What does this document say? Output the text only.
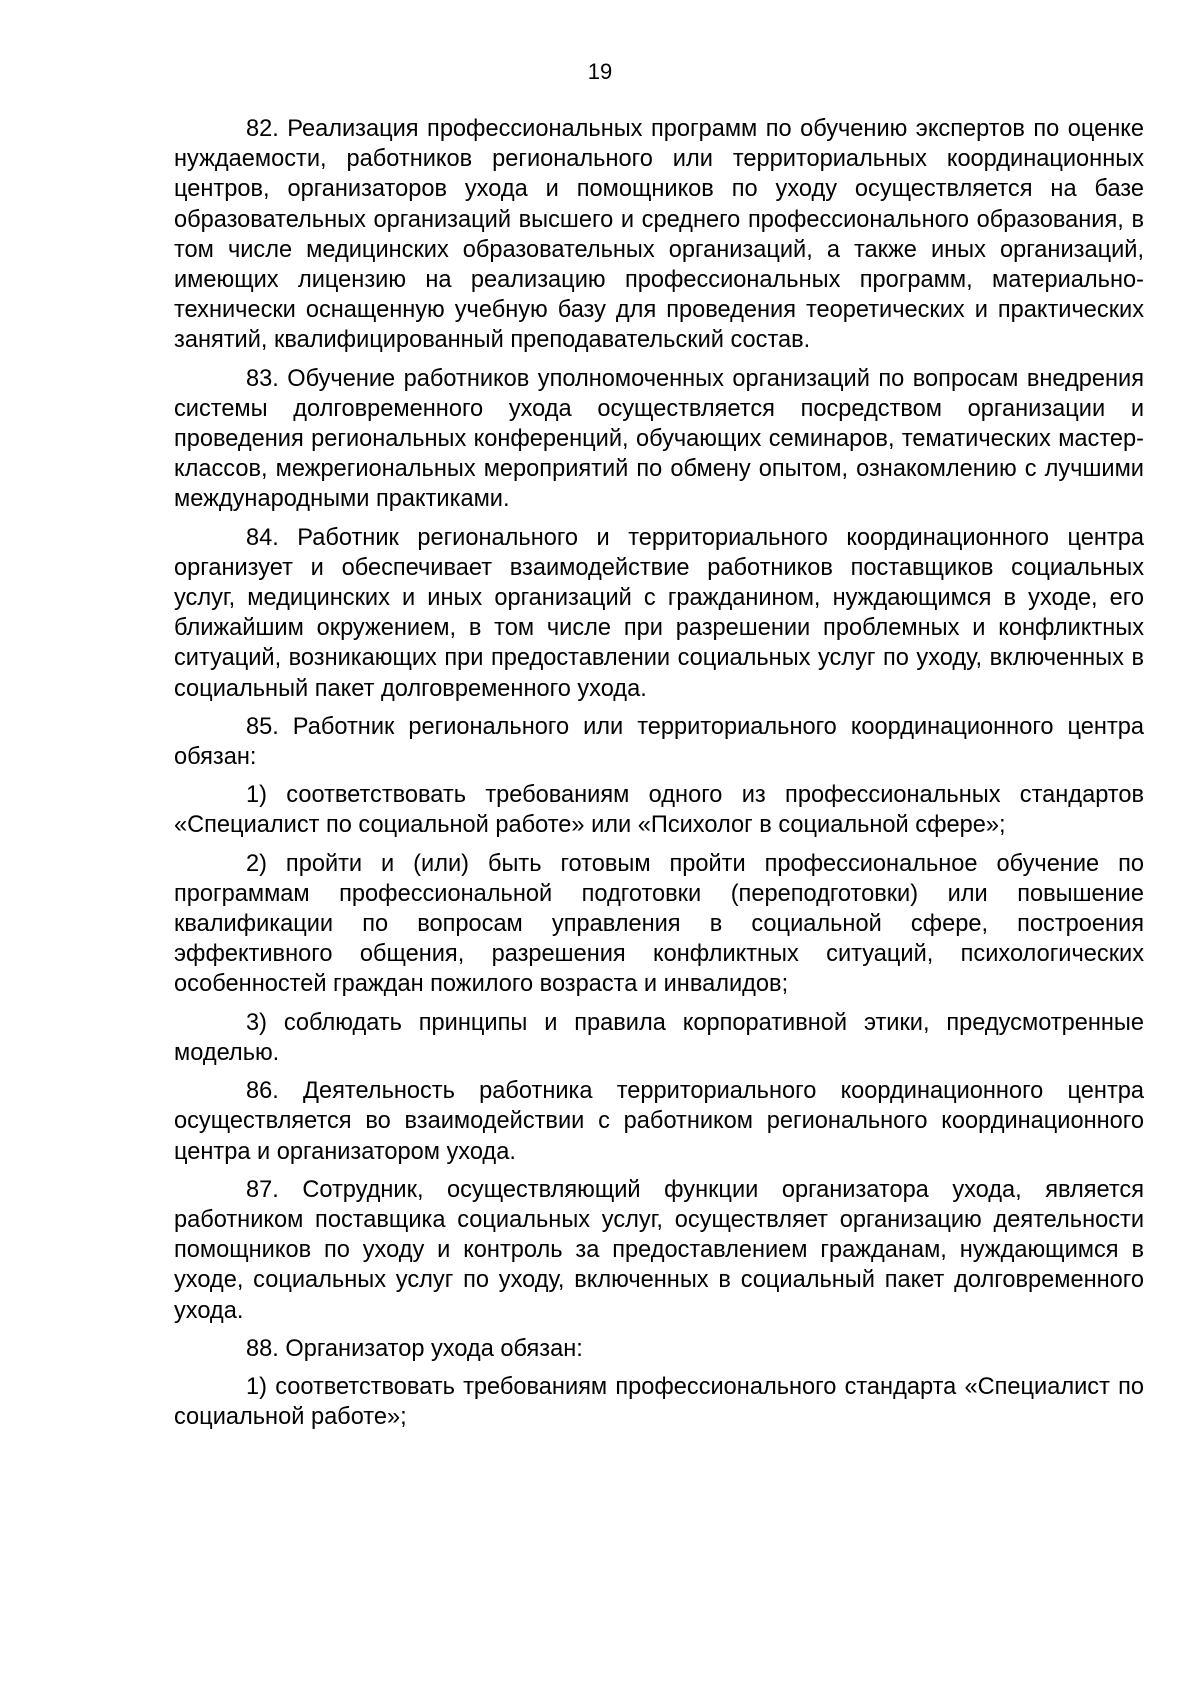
19

82. Реализация профессиональных программ по обучению экспертов по оценке нуждаемости, работников регионального или территориальных координационных центров, организаторов ухода и помощников по уходу осуществляется на базе образовательных организаций высшего и среднего профессионального образования, в том числе медицинских образовательных организаций, а также иных организаций, имеющих лицензию на реализацию профессиональных программ, материально-технически оснащенную учебную базу для проведения теоретических и практических занятий, квалифицированный преподавательский состав.

83. Обучение работников уполномоченных организаций по вопросам внедрения системы долговременного ухода осуществляется посредством организации и проведения региональных конференций, обучающих семинаров, тематических мастер-классов, межрегиональных мероприятий по обмену опытом, ознакомлению с лучшими международными практиками.

84. Работник регионального и территориального координационного центра организует и обеспечивает взаимодействие работников поставщиков социальных услуг, медицинских и иных организаций с гражданином, нуждающимся в уходе, его ближайшим окружением, в том числе при разрешении проблемных и конфликтных ситуаций, возникающих при предоставлении социальных услуг по уходу, включенных в социальный пакет долговременного ухода.

85. Работник регионального или территориального координационного центра обязан:

1) соответствовать требованиям одного из профессиональных стандартов «Специалист по социальной работе» или «Психолог в социальной сфере»;

2) пройти и (или) быть готовым пройти профессиональное обучение по программам профессиональной подготовки (переподготовки) или повышение квалификации по вопросам управления в социальной сфере, построения эффективного общения, разрешения конфликтных ситуаций, психологических особенностей граждан пожилого возраста и инвалидов;

3) соблюдать принципы и правила корпоративной этики, предусмотренные моделью.

86. Деятельность работника территориального координационного центра осуществляется во взаимодействии с работником регионального координационного центра и организатором ухода.

87. Сотрудник, осуществляющий функции организатора ухода, является работником поставщика социальных услуг, осуществляет организацию деятельности помощников по уходу и контроль за предоставлением гражданам, нуждающимся в уходе, социальных услуг по уходу, включенных в социальный пакет долговременного ухода.

88. Организатор ухода обязан:

1) соответствовать требованиям профессионального стандарта «Специалист по социальной работе»;
